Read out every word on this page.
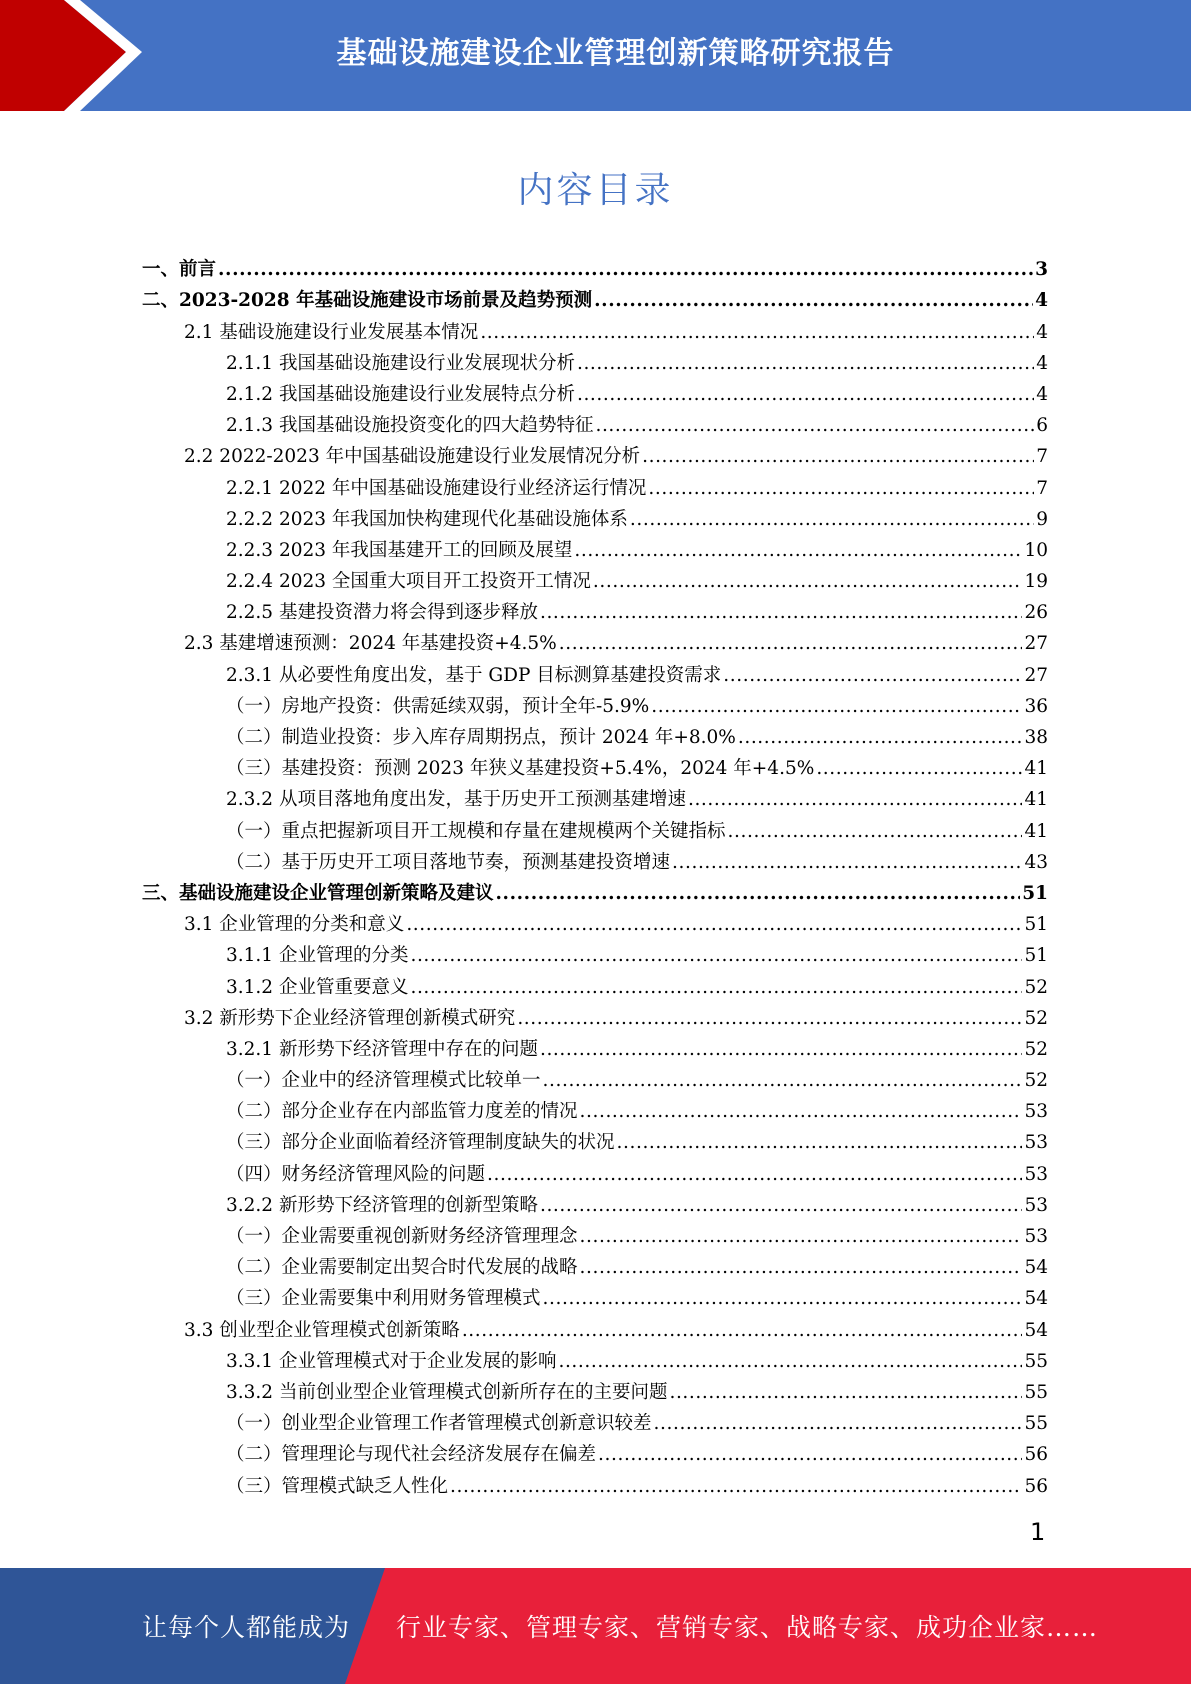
基础设施建设企业管理创新策略研究报告
内容目录
一、前言 .....	3
二、2023-2028 年基础设施建设市场前景及趋势预测 .....	4
2.1 基础设施建设行业发展基本情况 .....	4
2.1.1 我国基础设施建设行业发展现状分析 .....	4
2.1.2 我国基础设施建设行业发展特点分析 .....	4
2.1.3 我国基础设施投资变化的四大趋势特征 .....	6
2.2 2022-2023 年中国基础设施建设行业发展情况分析 .....	7
2.2.1 2022 年中国基础设施建设行业经济运行情况 .....	7
2.2.2 2023 年我国加快构建现代化基础设施体系 .....	9
2.2.3 2023 年我国基建开工的回顾及展望 .....	10
2.2.4 2023 全国重大项目开工投资开工情况 .....	19
2.2.5 基建投资潜力将会得到逐步释放 .....	26
2.3 基建增速预测：2024 年基建投资+4.5% .....	27
2.3.1 从必要性角度出发，基于 GDP 目标测算基建投资需求 .....	27
（一）房地产投资：供需延续双弱，预计全年-5.9% .....	36
（二）制造业投资：步入库存周期拐点，预计 2024 年+8.0% .....	38
（三）基建投资：预测 2023 年狭义基建投资+5.4%，2024 年+4.5% .....	41
2.3.2 从项目落地角度出发，基于历史开工预测基建增速 .....	41
（一）重点把握新项目开工规模和存量在建规模两个关键指标 .....	41
（二）基于历史开工项目落地节奏，预测基建投资增速 .....	43
三、基础设施建设企业管理创新策略及建议 .....	51
3.1 企业管理的分类和意义 .....	51
3.1.1 企业管理的分类 .....	51
3.1.2 企业管重要意义 .....	52
3.2 新形势下企业经济管理创新模式研究 .....	52
3.2.1 新形势下经济管理中存在的问题 .....	52
（一）企业中的经济管理模式比较单一 .....	52
（二）部分企业存在内部监管力度差的情况 .....	53
（三）部分企业面临着经济管理制度缺失的状况 .....	53
（四）财务经济管理风险的问题 .....	53
3.2.2 新形势下经济管理的创新型策略 .....	53
（一）企业需要重视创新财务经济管理理念 .....	53
（二）企业需要制定出契合时代发展的战略 .....	54
（三）企业需要集中利用财务管理模式 .....	54
3.3 创业型企业管理模式创新策略 .....	54
3.3.1 企业管理模式对于企业发展的影响 .....	55
3.3.2 当前创业型企业管理模式创新所存在的主要问题 .....	55
（一）创业型企业管理工作者管理模式创新意识较差 .....	55
（二）管理理论与现代社会经济发展存在偏差 .....	56
（三）管理模式缺乏人性化 .....	56
1
让每个人都能成为 行业专家、管理专家、营销专家、战略专家、成功企业家……
